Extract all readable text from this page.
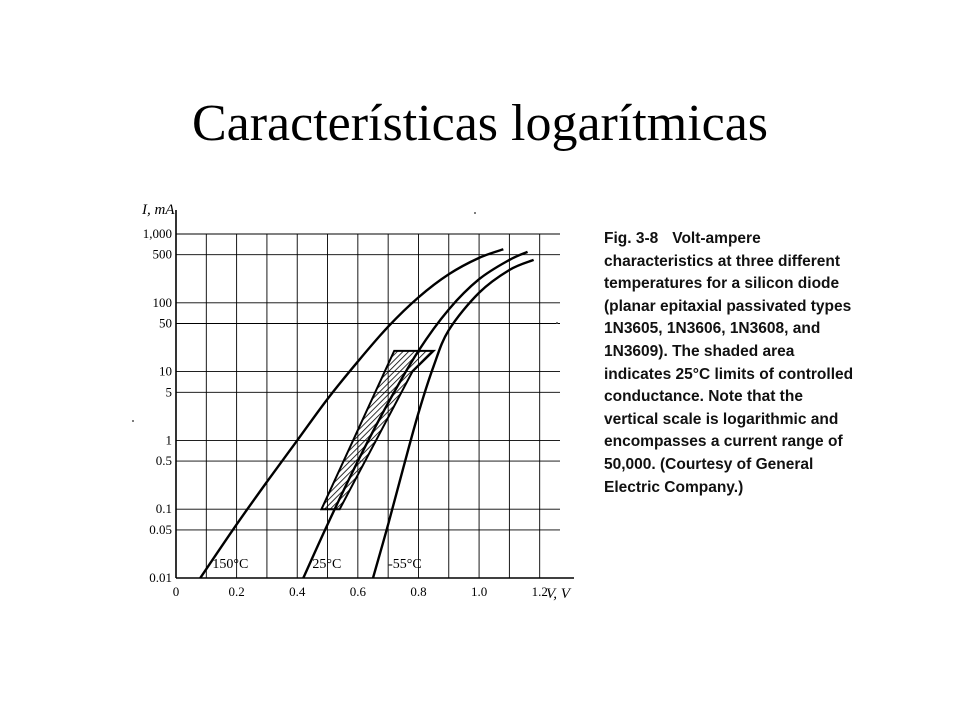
Características logarítmicas
0	0.2	0.4	0.6	0.8	1.0	1.2
0.01
0.05
0.1
0.5
1
5
10
50
100
500
1,000
150°C	25°C	-55°C
I, mA
V, V
Fig. 3-8 Volt-ampere characteristics at three different temperatures for a silicon diode (planar epitaxial passivated types 1N3605, 1N3606, 1N3608, and 1N3609). The shaded area indicates 25°C limits of controlled conductance. Note that the vertical scale is logarithmic and encompasses a current range of 50,000. (Courtesy of General Electric Company.)
